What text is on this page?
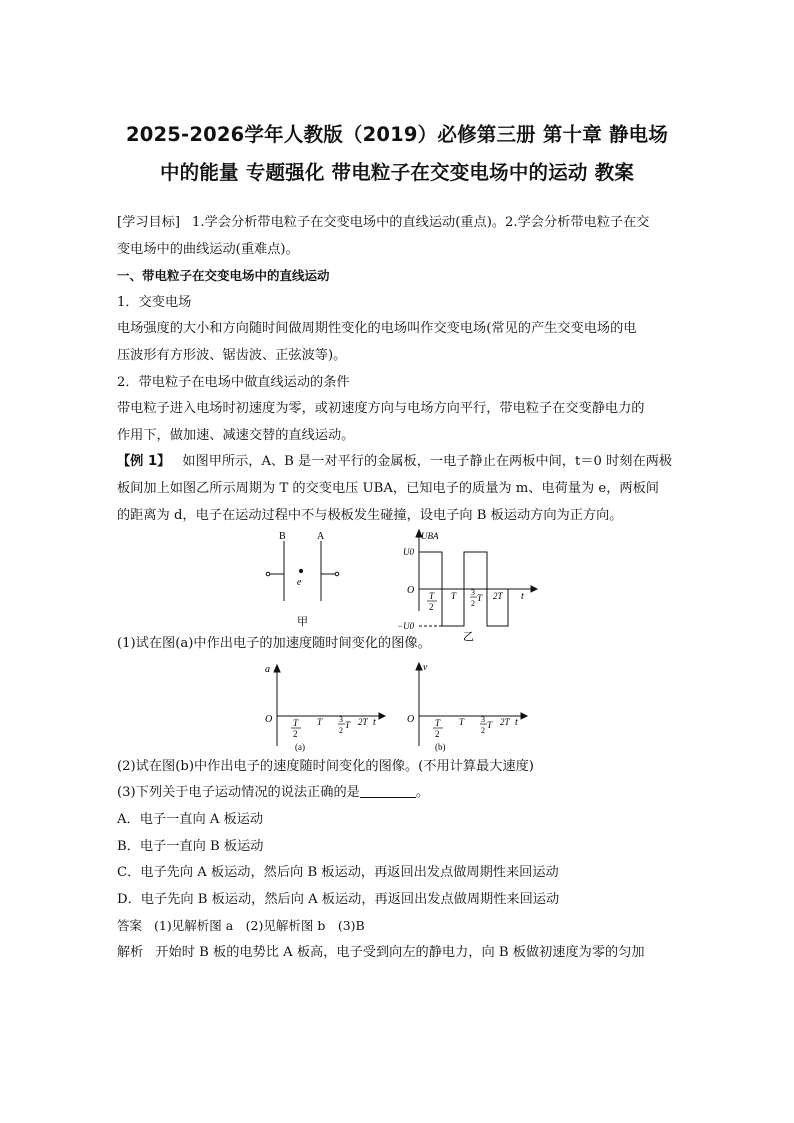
2025-2026学年人教版（2019）必修第三册 第十章 静电场
中的能量 专题强化 带电粒子在交变电场中的运动 教案
[学习目标] 1.学会分析带电粒子在交变电场中的直线运动(重点)。2.学会分析带电粒子在交
变电场中的曲线运动(重难点)。
一、带电粒子在交变电场中的直线运动
1．交变电场
电场强度的大小和方向随时间做周期性变化的电场叫作交变电场(常见的产生交变电场的电
压波形有方形波、锯齿波、正弦波等)。
2．带电粒子在电场中做直线运动的条件
带电粒子进入电场时初速度为零，或初速度方向与电场方向平行，带电粒子在交变静电力的
作用下，做加速、减速交替的直线运动。
【例 1】 如图甲所示，A、B 是一对平行的金属板，一电子静止在两板中间，t＝0 时刻在两极
板间加上如图乙所示周期为 T 的交变电压 UBA，已知电子的质量为 m、电荷量为 e，两板间
的距离为 d，电子在运动过程中不与极板发生碰撞，设电子向 B 板运动方向为正方向。
B	A
e
甲
UBA
U0
−U0
O T
2
T 3
2
T 2T t
乙
(1)试在图(a)中作出电子的加速度随时间变化的图像。
a
O T
2
T 3
2
T 2T t
(a)
v
O T
2
T 3
2
T 2T t
(b)
(2)试在图(b)中作出电子的速度随时间变化的图像。(不用计算最大速度)
(3)下列关于电子运动情况的说法正确的是	。
A．电子一直向 A 板运动
B．电子一直向 B 板运动
C．电子先向 A 板运动，然后向 B 板运动，再返回出发点做周期性来回运动
D．电子先向 B 板运动，然后向 A 板运动，再返回出发点做周期性来回运动
答案 (1)见解析图 a　(2)见解析图 b　(3)B
解析 开始时 B 板的电势比 A 板高，电子受到向左的静电力，向 B 板做初速度为零的匀加
